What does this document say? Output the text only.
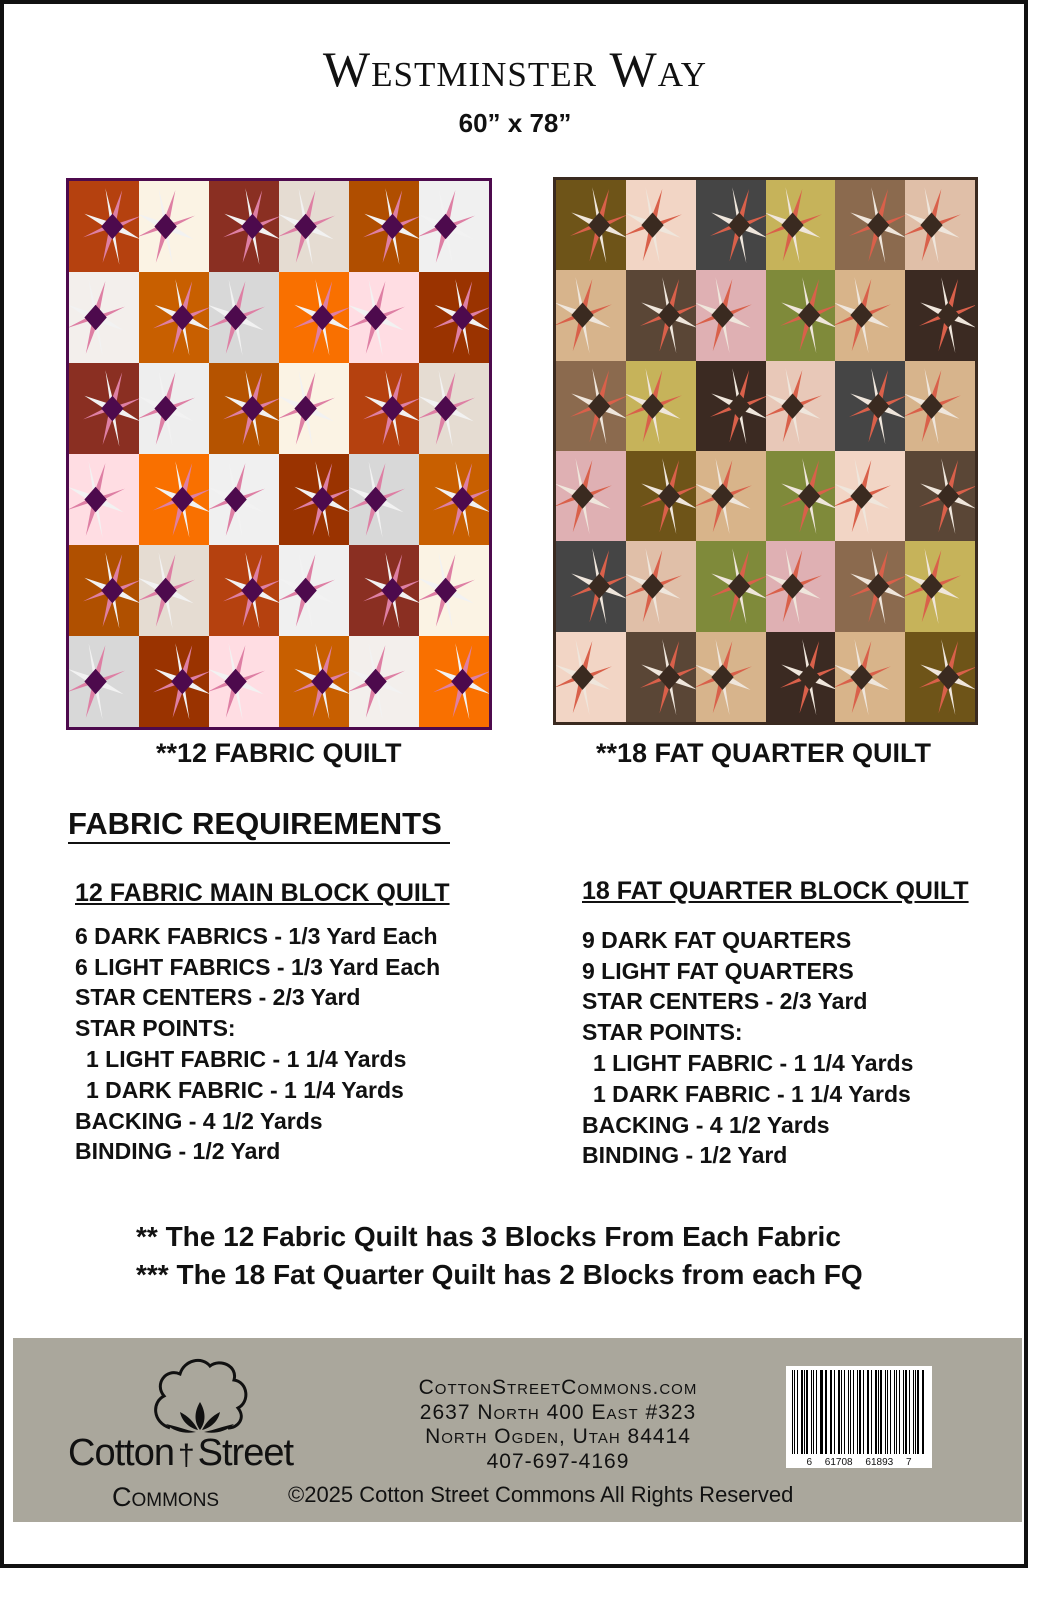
Westminster Way
60” x 78”
**12 FABRIC QUILT	**18 FAT QUARTER QUILT
FABRIC REQUIREMENTS
12 FABRIC MAIN BLOCK QUILT
6 DARK FABRICS - 1/3 Yard Each
6 LIGHT FABRICS - 1/3 Yard Each
STAR CENTERS - 2/3 Yard
STAR POINTS:
1 LIGHT FABRIC - 1 1/4 Yards
1 DARK FABRIC - 1 1/4 Yards
BACKING - 4 1/2 Yards
BINDING - 1/2 Yard
18 FAT QUARTER BLOCK QUILT
9 DARK FAT QUARTERS
9 LIGHT FAT QUARTERS
STAR CENTERS - 2/3 Yard
STAR POINTS:
1 LIGHT FABRIC - 1 1/4 Yards
1 DARK FABRIC - 1 1/4 Yards
BACKING - 4 1/2 Yards
BINDING - 1/2 Yard
** The 12 Fabric Quilt has 3 Blocks From Each Fabric
*** The 18 Fat Quarter Quilt has 2 Blocks from each FQ
Cotton † Street
Commons
CottonStreetCommons.com
2637 North 400 East #323
North Ogden, Utah 84414
407-697-4169
©2025 Cotton Street Commons All Rights Reserved
6 61708 61893 7
